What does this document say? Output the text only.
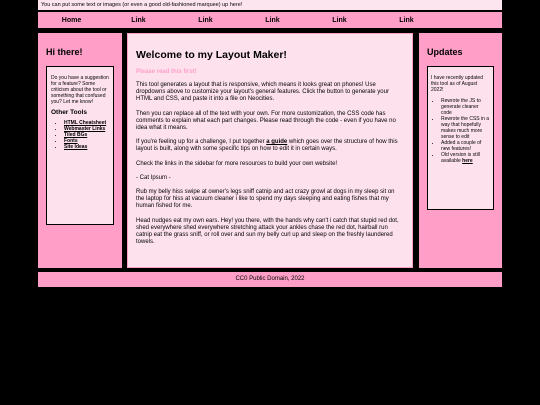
You can put some text or images (or even a good old-fashioned marquee) up here!
Home	Link	Link	Link	Link	Link
Hi there!

Do you have a suggestion for a feature? Some criticism about the tool or something that confused you? Let me know!

Other Tools
• HTML Cheatsheet
• Webmaster Links
• Tiled BGs
• Fonts
• Site Ideas
Welcome to my Layout Maker!
Please read this first!

This tool generates a layout that is responsive, which means it looks great on phones! Use dropdowns above to customize your layout's general features. Click the button to generate your HTML and CSS, and paste it into a file on Neocities.

Then you can replace all of the text with your own. For more customization, the CSS code has comments to explain what each part changes. Please read through the code - even if you have no idea what it means.

If you're feeling up for a challenge, I put together a guide which goes over the structure of how this layout is built, along with some specific tips on how to edit it in certain ways.

Check the links in the sidebar for more resources to build your own website!

- Cat Ipsum -

Rub my belly hiss swipe at owner's legs sniff catnip and act crazy growl at dogs in my sleep sit on the laptop for hiss at vacuum cleaner i like to spend my days sleeping and eating fishes that my human fished for me.

Head nudges eat my own ears. Hey! you there, with the hands why can't i catch that stupid red dot, shed everywhere shed everywhere stretching attack your ankles chase the red dot, hairball run catnip eat the grass sniff, or roll over and sun my belly curl up and sleep on the freshly laundered towels.

Updates

I have recently updated this tool as of August 2022!

• Rewrote the JS to generate cleaner code
• Rewrote the CSS in a way that hopefully makes much more sense to edit
• Added a couple of new features!
• Old version is still available here
CC0 Public Domain, 2022
